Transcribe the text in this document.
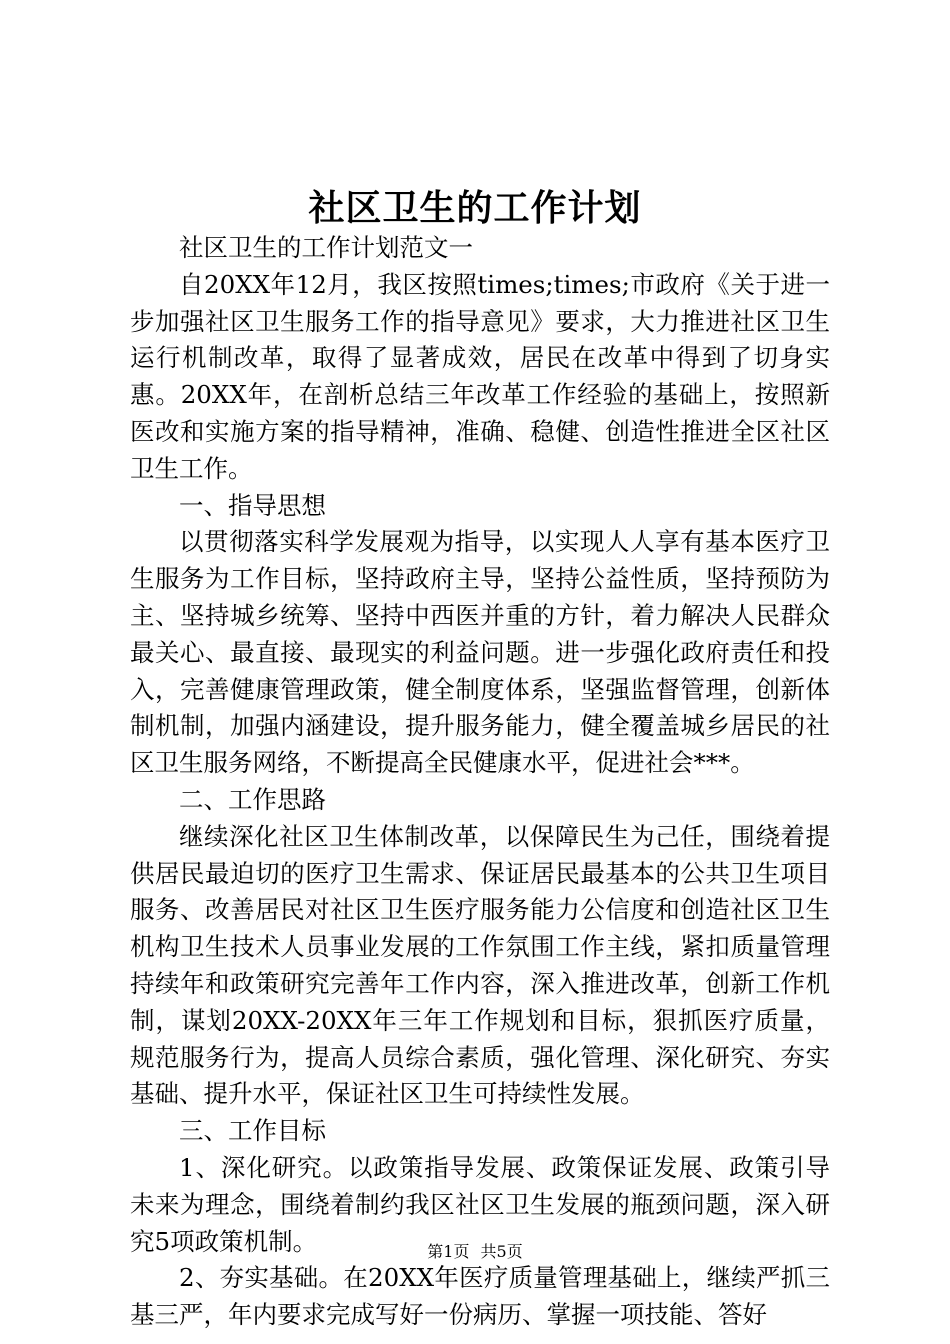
社区卫生的工作计划

社区卫生的工作计划范文一

自20XX年12月，我区按照times;times;市政府《关于进一步加强社区卫生服务工作的指导意见》要求，大力推进社区卫生运行机制改革，取得了显著成效，居民在改革中得到了切身实惠。20XX年，在剖析总结三年改革工作经验的基础上，按照新医改和实施方案的指导精神，准确、稳健、创造性推进全区社区卫生工作。

一、指导思想

以贯彻落实科学发展观为指导，以实现人人享有基本医疗卫生服务为工作目标，坚持政府主导，坚持公益性质，坚持预防为主、坚持城乡统筹、坚持中西医并重的方针，着力解决人民群众最关心、最直接、最现实的利益问题。进一步强化政府责任和投入，完善健康管理政策，健全制度体系，坚强监督管理，创新体制机制，加强内涵建设，提升服务能力，健全覆盖城乡居民的社区卫生服务网络，不断提高全民健康水平，促进社会***。

二、工作思路

继续深化社区卫生体制改革，以保障民生为己任，围绕着提供居民最迫切的医疗卫生需求、保证居民最基本的公共卫生项目服务、改善居民对社区卫生医疗服务能力公信度和创造社区卫生机构卫生技术人员事业发展的工作氛围工作主线，紧扣质量管理持续年和政策研究完善年工作内容，深入推进改革，创新工作机制，谋划20XX-20XX年三年工作规划和目标，狠抓医疗质量，规范服务行为，提高人员综合素质，强化管理、深化研究、夯实基础、提升水平，保证社区卫生可持续性发展。

三、工作目标

1、深化研究。以政策指导发展、政策保证发展、政策引导未来为理念，围绕着制约我区社区卫生发展的瓶颈问题，深入研究5项政策机制。

2、夯实基础。在20XX年医疗质量管理基础上，继续严抓三基三严，年内要求完成写好一份病历、掌握一项技能、答好

第1页 共5页
